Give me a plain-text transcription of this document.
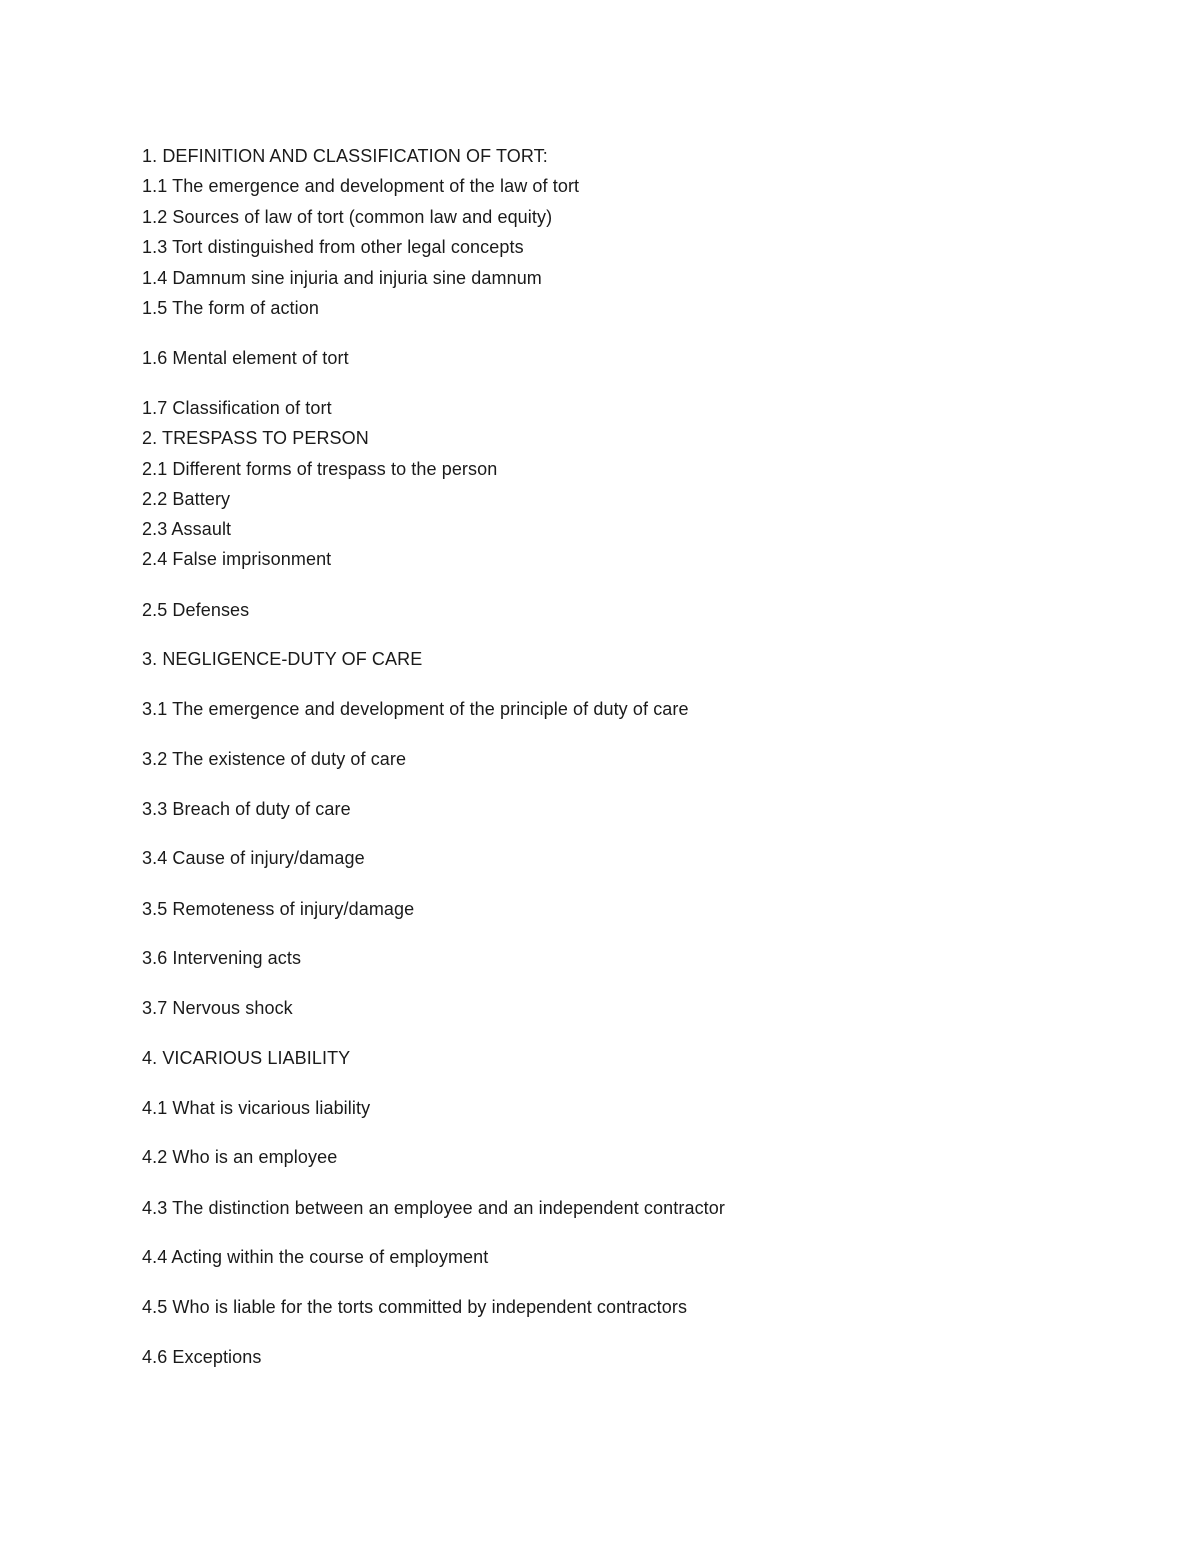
1. DEFINITION AND CLASSIFICATION OF TORT:
1.1 The emergence and development of the law of tort
1.2 Sources of law of tort (common law and equity)
1.3 Tort distinguished from other legal concepts
1.4 Damnum sine injuria and injuria sine damnum
1.5 The form of action
1.6 Mental element of tort
1.7 Classification of tort
2. TRESPASS TO PERSON
2.1 Different forms of trespass to the person
2.2 Battery
2.3 Assault
2.4 False imprisonment
2.5 Defenses
3. NEGLIGENCE-DUTY OF CARE
3.1 The emergence and development of the principle of duty of care
3.2 The existence of duty of care
3.3 Breach of duty of care
3.4 Cause of injury/damage
3.5 Remoteness of injury/damage
3.6 Intervening acts
3.7 Nervous shock
4. VICARIOUS LIABILITY
4.1 What is vicarious liability
4.2 Who is an employee
4.3 The distinction between an employee and an independent contractor
4.4 Acting within the course of employment
4.5 Who is liable for the torts committed by independent contractors
4.6 Exceptions
